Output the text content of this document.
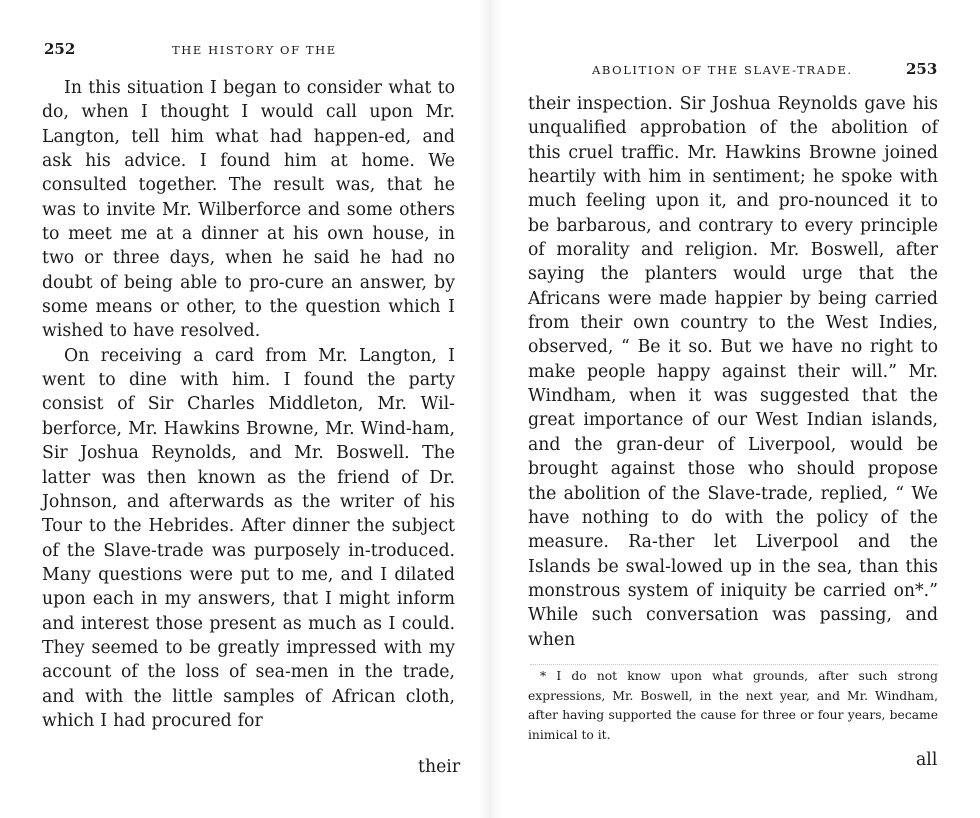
252	THE HISTORY OF THE

In this situation I began to consider what to do, when I thought I would call upon Mr. Langton, tell him what had happen-ed, and ask his advice. I found him at home. We consulted together. The result was, that he was to invite Mr. Wilberforce and some others to meet me at a dinner at his own house, in two or three days, when he said he had no doubt of being able to pro-cure an answer, by some means or other, to the question which I wished to have resolved.

On receiving a card from Mr. Langton, I went to dine with him. I found the party consist of Sir Charles Middleton, Mr. Wil-berforce, Mr. Hawkins Browne, Mr. Wind-ham, Sir Joshua Reynolds, and Mr. Boswell. The latter was then known as the friend of Dr. Johnson, and afterwards as the writer of his Tour to the Hebrides. After dinner the subject of the Slave-trade was purposely in-troduced. Many questions were put to me, and I dilated upon each in my answers, that I might inform and interest those present as much as I could. They seemed to be greatly impressed with my account of the loss of sea-men in the trade, and with the little samples of African cloth, which I had procured for

their
ABOLITION OF THE SLAVE-TRADE.	253

their inspection. Sir Joshua Reynolds gave his unqualified approbation of the abolition of this cruel traffic. Mr. Hawkins Browne joined heartily with him in sentiment; he spoke with much feeling upon it, and pro-nounced it to be barbarous, and contrary to every principle of morality and religion. Mr. Boswell, after saying the planters would urge that the Africans were made happier by being carried from their own country to the West Indies, observed, “ Be it so. But we have no right to make people happy against their will.” Mr. Windham, when it was suggested that the great importance of our West Indian islands, and the gran-deur of Liverpool, would be brought against those who should propose the abolition of the Slave-trade, replied, “ We have nothing to do with the policy of the measure. Ra-ther let Liverpool and the Islands be swal-lowed up in the sea, than this monstrous system of iniquity be carried on*.” While such conversation was passing, and when

* I do not know upon what grounds, after such strong expressions, Mr. Boswell, in the next year, and Mr. Windham, after having supported the cause for three or four years, became inimical to it.
all
